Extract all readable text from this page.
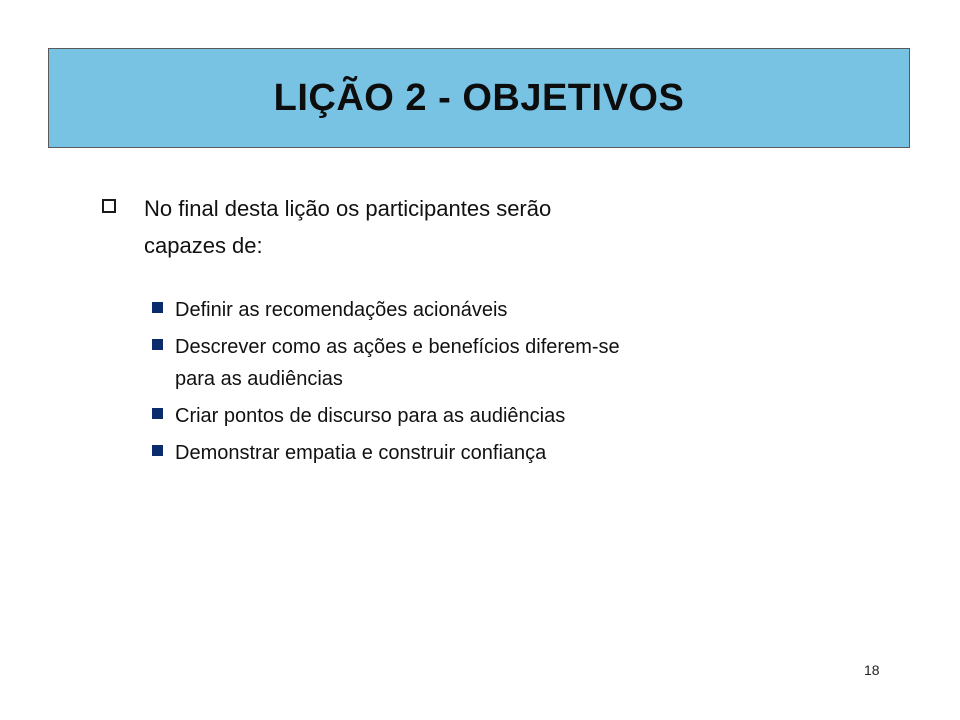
LIÇÃO 2 - OBJETIVOS
No final desta lição os participantes serão
capazes de:
Definir as recomendações acionáveis
Descrever como as ações e benefícios diferem-se
para as audiências
Criar pontos de discurso para as audiências
Demonstrar empatia e construir confiança
18
